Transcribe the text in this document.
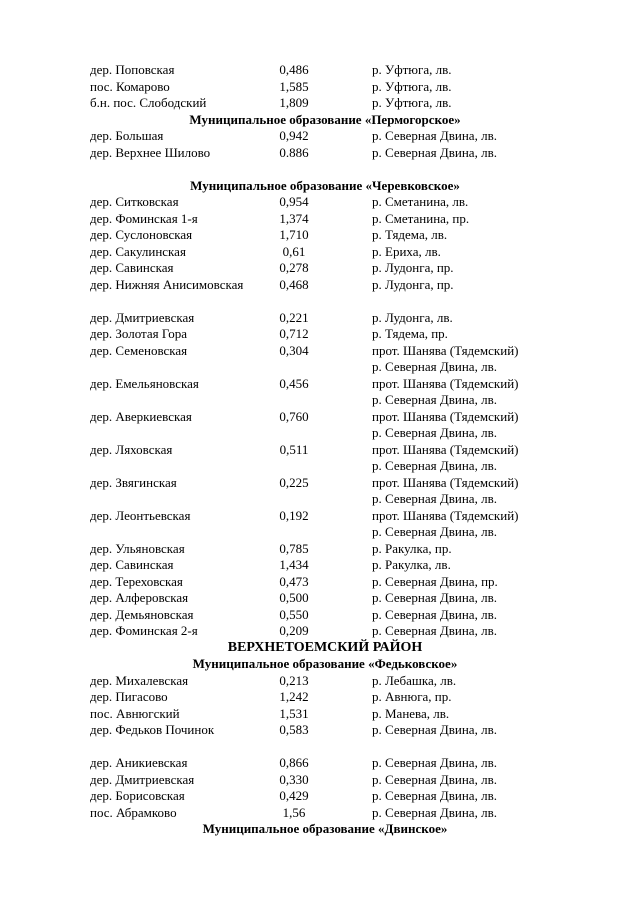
дер. Поповская	0,486	р. Уфтюга, лв.
пос. Комарово	1,585	р. Уфтюга, лв.
б.н. пос. Слободский	1,809	р. Уфтюга, лв.
Муниципальное образование «Пермогорское»
дер. Большая	0,942	р. Северная Двина, лв.
дер. Верхнее Шилово	0.886	р. Северная Двина, лв.
Муниципальное образование «Черевковское»
дер. Ситковская	0,954	р. Сметанина, лв.
дер. Фоминская 1-я	1,374	р. Сметанина, пр.
дер. Суслоновская	1,710	р. Тядема, лв.
дер. Сакулинская	0,61	р. Ериха, лв.
дер. Савинская	0,278	р. Лудонга, пр.
дер. Нижняя Анисимовская	0,468	р. Лудонга, пр.
дер. Дмитриевская	0,221	р. Лудонга, лв.
дер. Золотая Гора	0,712	р. Тядема, пр.
дер. Семеновская	0,304	прот. Шанява (Тядемский)
р. Северная Двина, лв.
дер. Емельяновская	0,456	прот. Шанява (Тядемский)
р. Северная Двина, лв.
дер. Аверкиевская	0,760	прот. Шанява (Тядемский)
р. Северная Двина, лв.
дер. Ляховская	0,511	прот. Шанява (Тядемский)
р. Северная Двина, лв.
дер. Звягинская	0,225	прот. Шанява (Тядемский)
р. Северная Двина, лв.
дер. Леонтьевская	0,192	прот. Шанява (Тядемский)
р. Северная Двина, лв.
дер. Ульяновская	0,785	р. Ракулка, пр.
дер. Савинская	1,434	р. Ракулка, лв.
дер. Тереховская	0,473	р. Северная Двина, пр.
дер. Алферовская	0,500	р. Северная Двина, лв.
дер. Демьяновская	0,550	р. Северная Двина, лв.
дер. Фоминская 2-я	0,209	р. Северная Двина, лв.
ВЕРХНЕТОЕМСКИЙ РАЙОН
Муниципальное образование «Федьковское»
дер. Михалевская	0,213	р. Лебашка, лв.
дер. Пигасово	1,242	р. Авнюга, пр.
пос. Авнюгский	1,531	р. Манева, лв.
дер. Федьков Починок	0,583	р. Северная Двина, лв.
дер. Аникиевская	0,866	р. Северная Двина, лв.
дер. Дмитриевская	0,330	р. Северная Двина, лв.
дер. Борисовская	0,429	р. Северная Двина, лв.
пос. Абрамково	1,56	р. Северная Двина, лв.
Муниципальное образование «Двинское»
